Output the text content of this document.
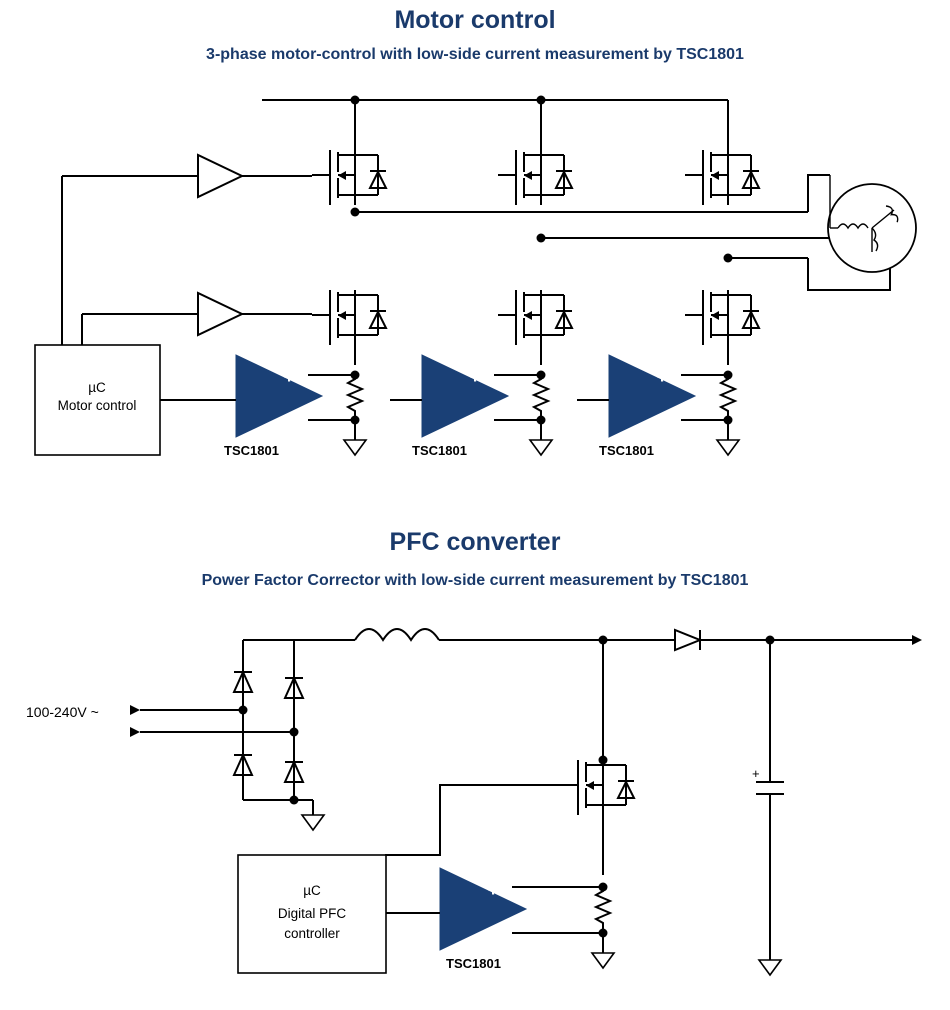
Motor control
3-phase motor-control with low-side current measurement by TSC1801
PFC converter
Power Factor Corrector with low-side current measurement by TSC1801
µC
Motor control
+
−
TSC1801
+
−
TSC1801
+
−
TSC1801
+
µC
Digital PFC
controller
+
−
TSC1801
100-240V ~
